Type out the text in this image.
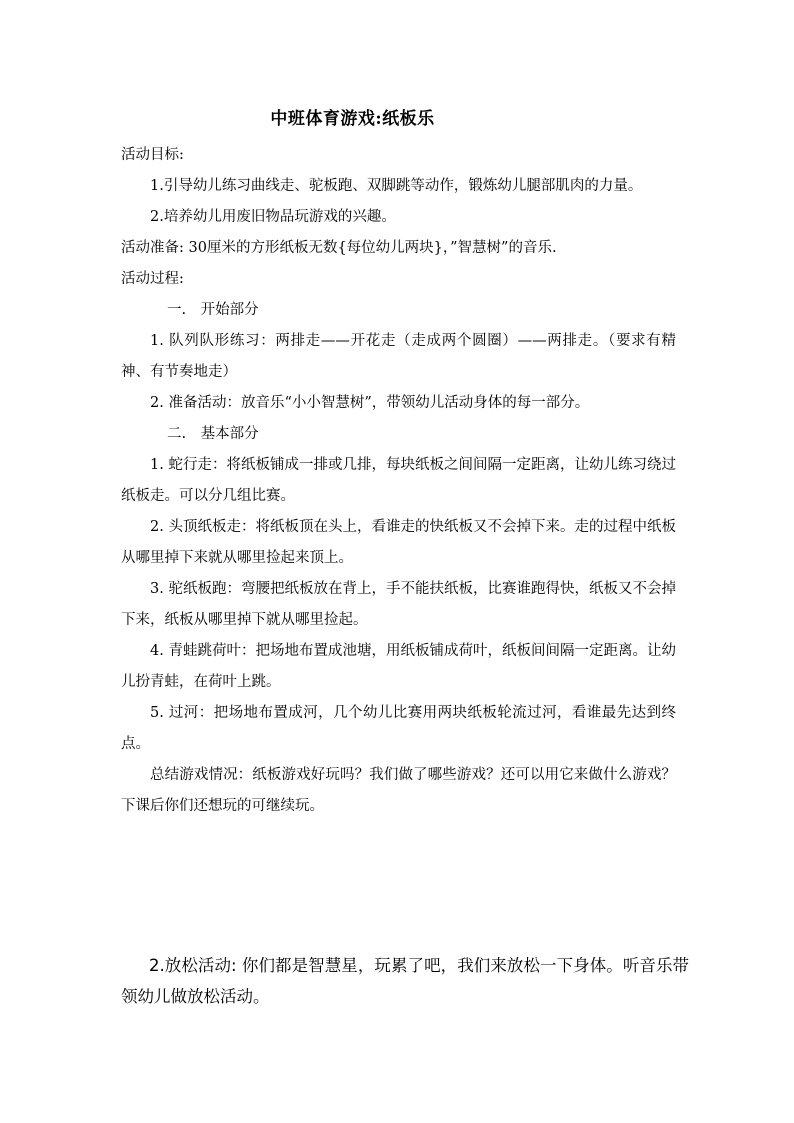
中班体育游戏:纸板乐
活动目标:
1.引导幼儿练习曲线走、驼板跑、双脚跳等动作，锻炼幼儿腿部肌肉的力量。
2.培养幼儿用废旧物品玩游戏的兴趣。
活动准备: 30厘米的方形纸板无数{每位幼儿两块}，”智慧树”的音乐.
活动过程:
一.　开始部分
1. 队列队形练习：两排走——开花走（走成两个圆圈）——两排走。（要求有精神、有节奏地走）
2. 准备活动：放音乐“小小智慧树”，带领幼儿活动身体的每一部分。
二.　基本部分
1. 蛇行走：将纸板铺成一排或几排，每块纸板之间间隔一定距离，让幼儿练习绕过纸板走。可以分几组比赛。
2. 头顶纸板走：将纸板顶在头上，看谁走的快纸板又不会掉下来。走的过程中纸板从哪里掉下来就从哪里捡起来顶上。
3. 驼纸板跑：弯腰把纸板放在背上，手不能扶纸板，比赛谁跑得快，纸板又不会掉下来，纸板从哪里掉下就从哪里捡起。
4. 青蛙跳荷叶：把场地布置成池塘，用纸板铺成荷叶，纸板间间隔一定距离。让幼儿扮青蛙，在荷叶上跳。
5. 过河：把场地布置成河，几个幼儿比赛用两块纸板轮流过河，看谁最先达到终点。
总结游戏情况：纸板游戏好玩吗？我们做了哪些游戏？还可以用它来做什么游戏？下课后你们还想玩的可继续玩。
2.放松活动: 你们都是智慧星，玩累了吧，我们来放松一下身体。听音乐带领幼儿做放松活动。
